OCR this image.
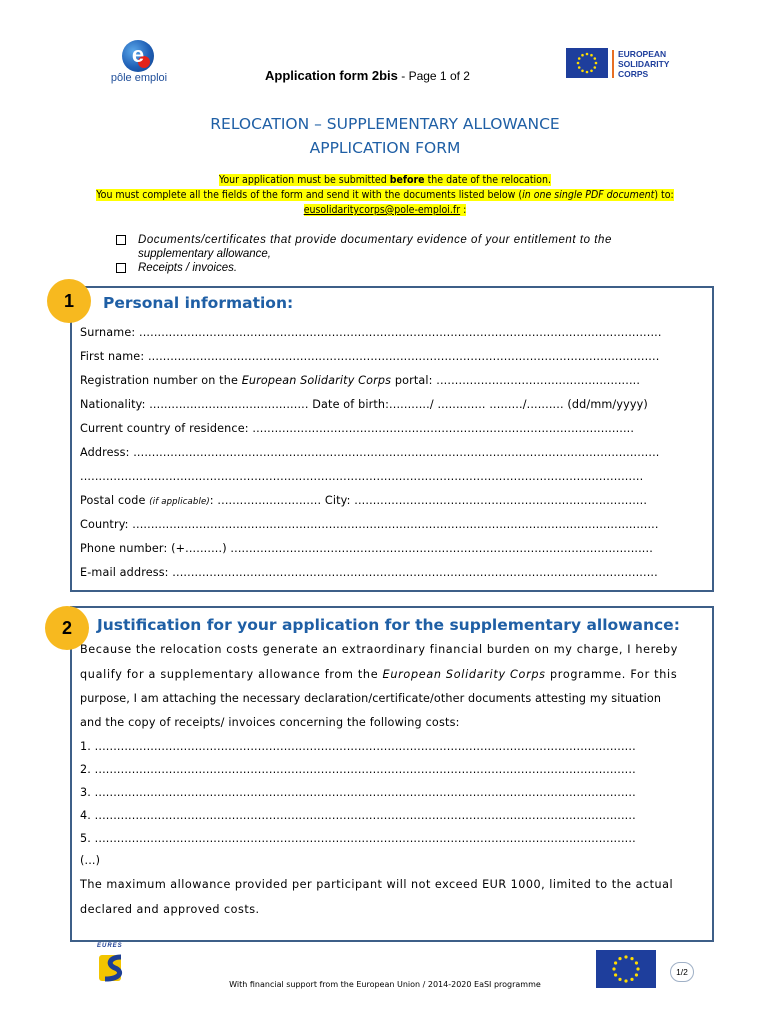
e
pôle emploi	Application form 2bis - Page 1 of 2
EUROPEAN
SOLIDARITY
CORPS
RELOCATION – SUPPLEMENTARY ALLOWANCE
APPLICATION FORM
Your application must be submitted before the date of the relocation.
You must complete all the fields of the form and send it with the documents listed below (in one single PDF document) to:
eusolidaritycorps@pole-emploi.fr :
Documents/certificates that provide documentary evidence of your entitlement to the
supplementary allowance,
Receipts / invoices.
1	Personal information:
Surname: .............................................................................................................................................
First name: ..........................................................................................................................................
Registration number on the European Solidarity Corps portal: .......................................................
Nationality: ........................................... Date of birth:.........../ ............. ........./.......... (dd/mm/yyyy)
Current country of residence: .......................................................................................................
Address: ..............................................................................................................................................
........................................................................................................................................................
Postal code (if applicable): ............................ City: ...............................................................................
Country: ..............................................................................................................................................
Phone number: (+..........) ..................................................................................................................
E-mail address: ...................................................................................................................................
2	Justification for your application for the supplementary allowance:
Because the relocation costs generate an extraordinary financial burden on my charge, I hereby
qualify for a supplementary allowance from the European Solidarity Corps programme. For this
purpose, I am attaching the necessary declaration/certificate/other documents attesting my situation
and the copy of receipts/ invoices concerning the following costs:
1. ..................................................................................................................................................
2. ..................................................................................................................................................
3. ..................................................................................................................................................
4. ..................................................................................................................................................
5. ..................................................................................................................................................
(...)
The maximum allowance provided per participant will not exceed EUR 1000, limited to the actual
declared and approved costs.
EURES
1/2
With financial support from the European Union / 2014-2020 EaSI programme
